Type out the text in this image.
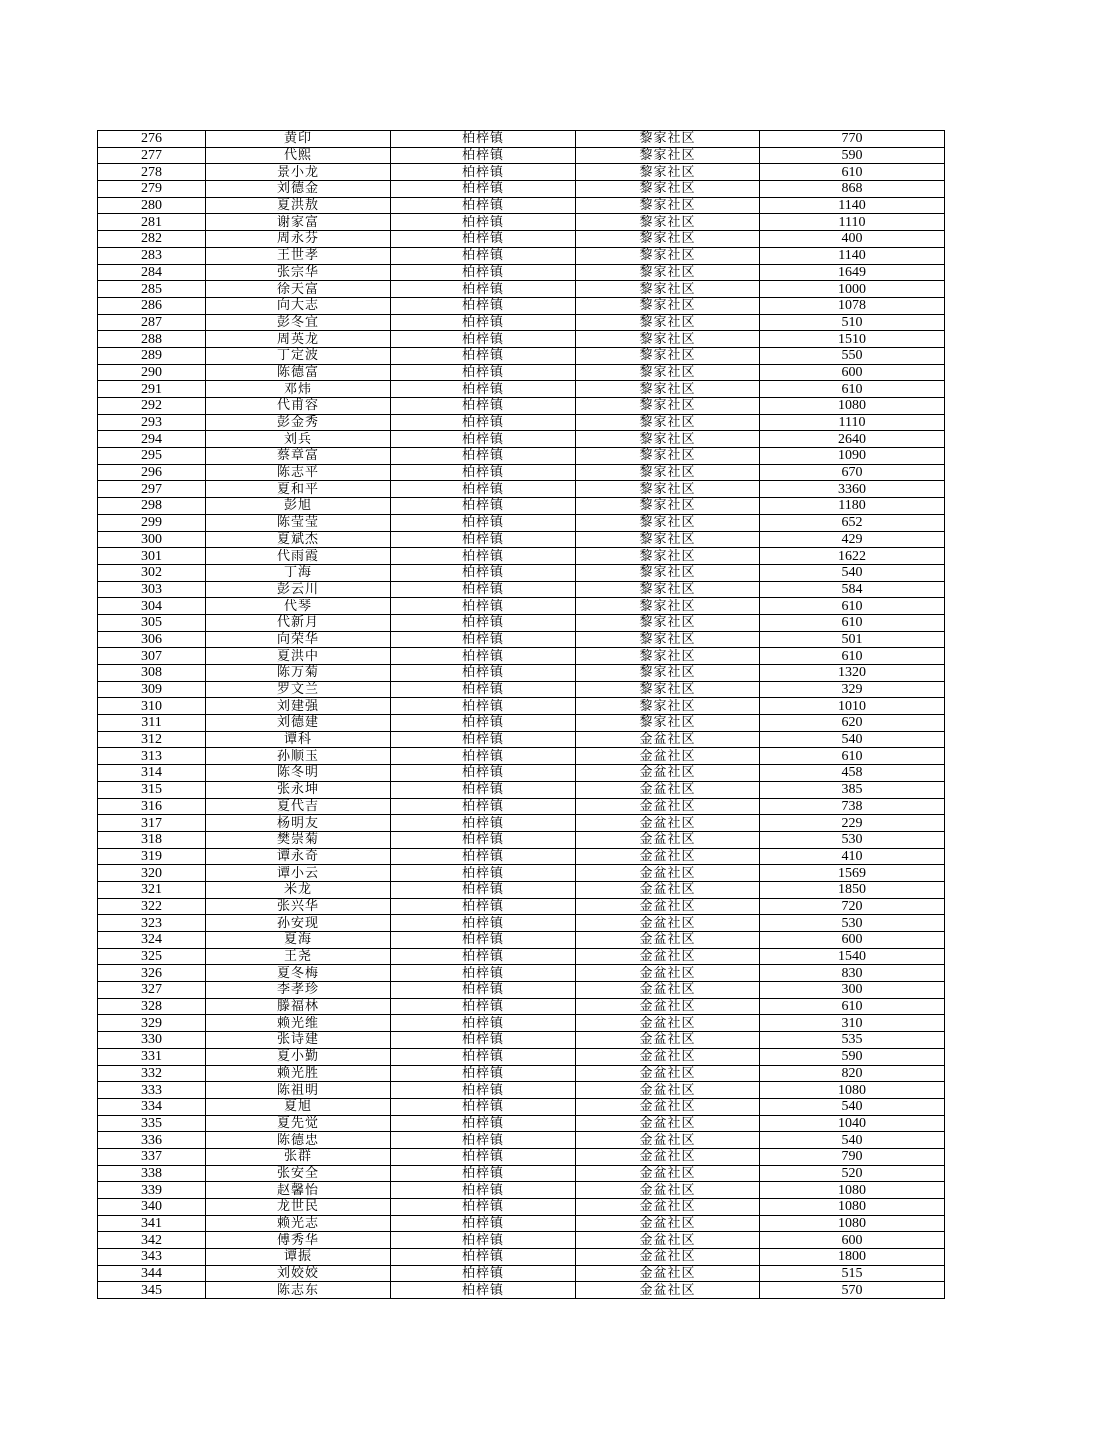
276	黄印	柏梓镇	黎家社区	770
277	代熙	柏梓镇	黎家社区	590
278	景小龙	柏梓镇	黎家社区	610
279	刘德金	柏梓镇	黎家社区	868
280	夏洪敖	柏梓镇	黎家社区	1140
281	谢家富	柏梓镇	黎家社区	1110
282	周永芬	柏梓镇	黎家社区	400
283	王世孝	柏梓镇	黎家社区	1140
284	张宗华	柏梓镇	黎家社区	1649
285	徐天富	柏梓镇	黎家社区	1000
286	向大志	柏梓镇	黎家社区	1078
287	彭冬宜	柏梓镇	黎家社区	510
288	周英龙	柏梓镇	黎家社区	1510
289	丁定波	柏梓镇	黎家社区	550
290	陈德富	柏梓镇	黎家社区	600
291	邓炜	柏梓镇	黎家社区	610
292	代甫容	柏梓镇	黎家社区	1080
293	彭金秀	柏梓镇	黎家社区	1110
294	刘兵	柏梓镇	黎家社区	2640
295	蔡章富	柏梓镇	黎家社区	1090
296	陈志平	柏梓镇	黎家社区	670
297	夏和平	柏梓镇	黎家社区	3360
298	彭旭	柏梓镇	黎家社区	1180
299	陈莹莹	柏梓镇	黎家社区	652
300	夏斌杰	柏梓镇	黎家社区	429
301	代雨霞	柏梓镇	黎家社区	1622
302	丁海	柏梓镇	黎家社区	540
303	彭云川	柏梓镇	黎家社区	584
304	代琴	柏梓镇	黎家社区	610
305	代新月	柏梓镇	黎家社区	610
306	向荣华	柏梓镇	黎家社区	501
307	夏洪中	柏梓镇	黎家社区	610
308	陈万菊	柏梓镇	黎家社区	1320
309	罗文兰	柏梓镇	黎家社区	329
310	刘建强	柏梓镇	黎家社区	1010
311	刘德建	柏梓镇	黎家社区	620
312	谭科	柏梓镇	金盆社区	540
313	孙顺玉	柏梓镇	金盆社区	610
314	陈冬明	柏梓镇	金盆社区	458
315	张永坤	柏梓镇	金盆社区	385
316	夏代吉	柏梓镇	金盆社区	738
317	杨明友	柏梓镇	金盆社区	229
318	樊崇菊	柏梓镇	金盆社区	530
319	谭永奇	柏梓镇	金盆社区	410
320	谭小云	柏梓镇	金盆社区	1569
321	米龙	柏梓镇	金盆社区	1850
322	张兴华	柏梓镇	金盆社区	720
323	孙安现	柏梓镇	金盆社区	530
324	夏海	柏梓镇	金盆社区	600
325	王尧	柏梓镇	金盆社区	1540
326	夏冬梅	柏梓镇	金盆社区	830
327	李孝珍	柏梓镇	金盆社区	300
328	滕福林	柏梓镇	金盆社区	610
329	赖光维	柏梓镇	金盆社区	310
330	张诗建	柏梓镇	金盆社区	535
331	夏小勤	柏梓镇	金盆社区	590
332	赖光胜	柏梓镇	金盆社区	820
333	陈祖明	柏梓镇	金盆社区	1080
334	夏旭	柏梓镇	金盆社区	540
335	夏先觉	柏梓镇	金盆社区	1040
336	陈德忠	柏梓镇	金盆社区	540
337	张群	柏梓镇	金盆社区	790
338	张安全	柏梓镇	金盆社区	520
339	赵馨怡	柏梓镇	金盆社区	1080
340	龙世民	柏梓镇	金盆社区	1080
341	赖光志	柏梓镇	金盆社区	1080
342	傅秀华	柏梓镇	金盆社区	600
343	谭振	柏梓镇	金盆社区	1800
344	刘姣姣	柏梓镇	金盆社区	515
345	陈志东	柏梓镇	金盆社区	570
